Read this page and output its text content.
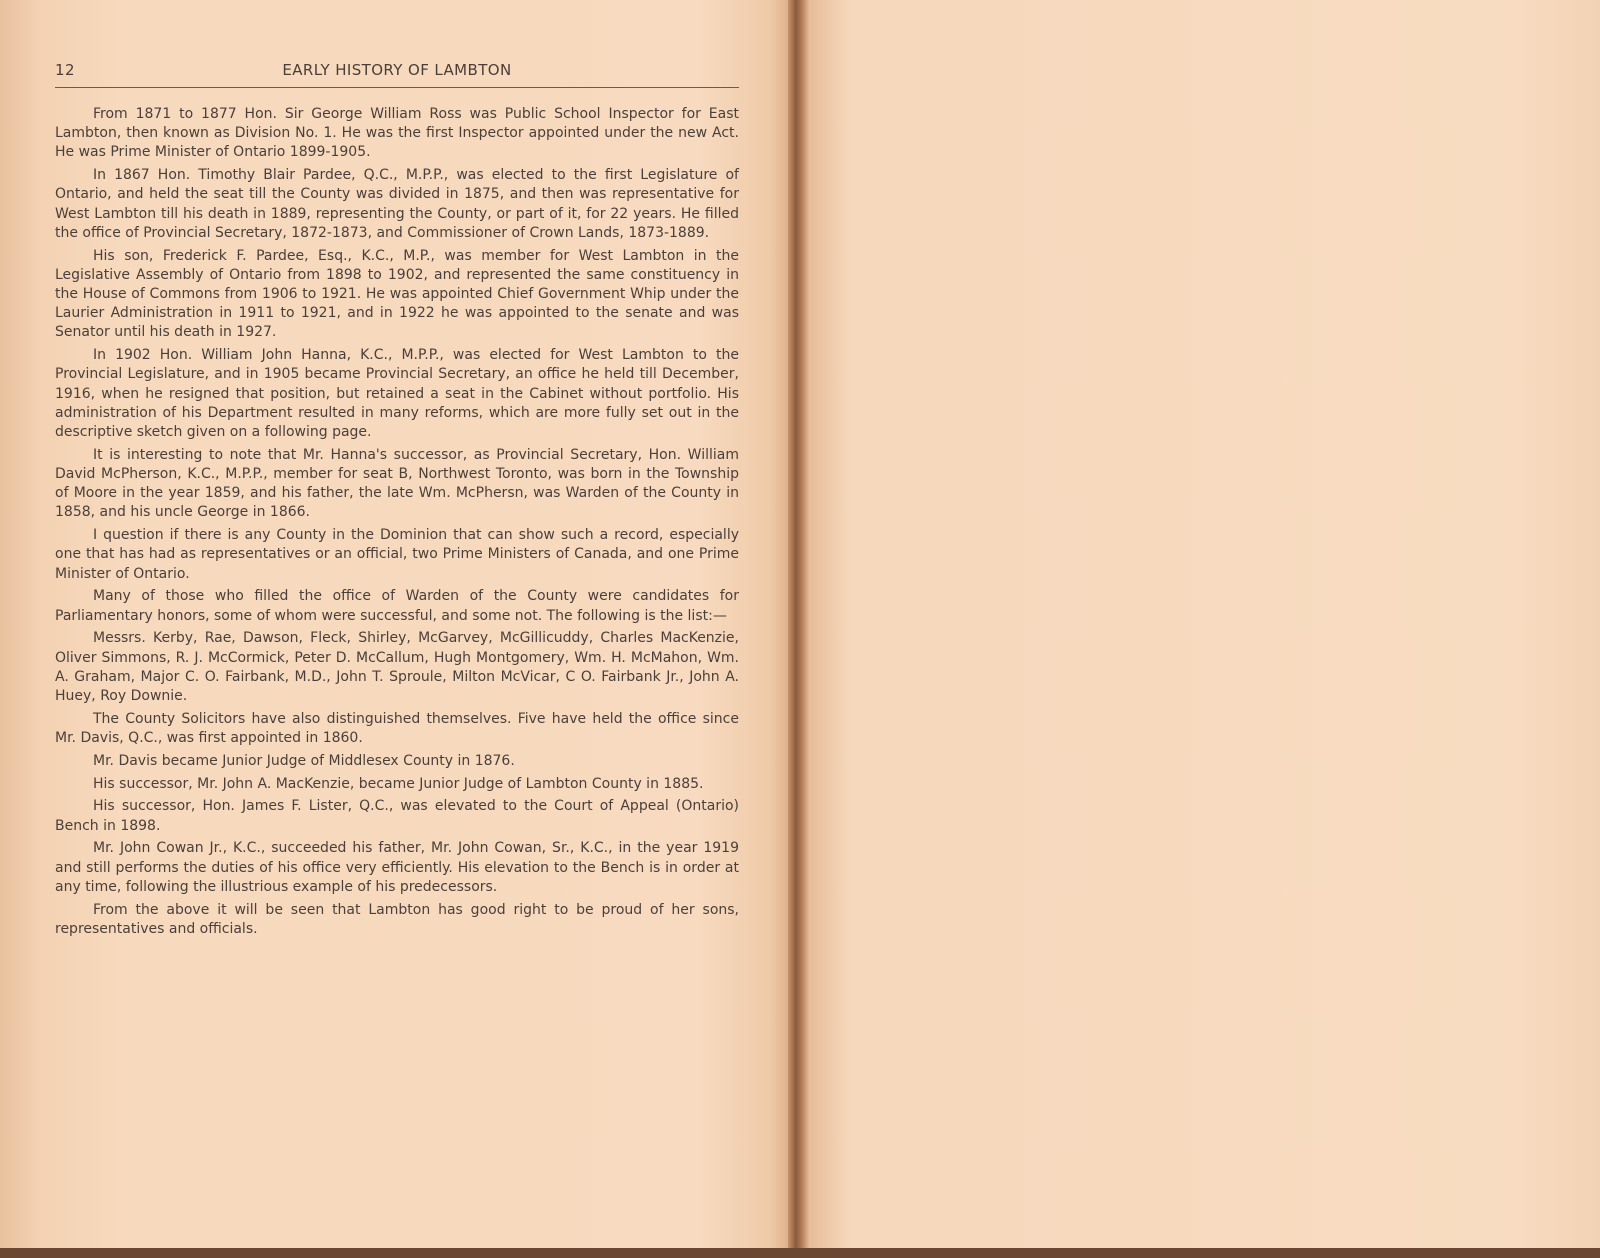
12	EARLY HISTORY OF LAMBTON

From 1871 to 1877 Hon. Sir George William Ross was Public School Inspector for East Lambton, then known as Division No. 1. He was the first Inspector appointed under the new Act. He was Prime Minister of Ontario 1899-1905.

In 1867 Hon. Timothy Blair Pardee, Q.C., M.P.P., was elected to the first Legislature of Ontario, and held the seat till the County was divided in 1875, and then was representative for West Lambton till his death in 1889, representing the County, or part of it, for 22 years. He filled the office of Provincial Secretary, 1872-1873, and Commissioner of Crown Lands, 1873-1889.

His son, Frederick F. Pardee, Esq., K.C., M.P., was member for West Lambton in the Legislative Assembly of Ontario from 1898 to 1902, and represented the same constituency in the House of Commons from 1906 to 1921. He was appointed Chief Government Whip under the Laurier Administration in 1911 to 1921, and in 1922 he was appointed to the senate and was Senator until his death in 1927.

In 1902 Hon. William John Hanna, K.C., M.P.P., was elected for West Lambton to the Provincial Legislature, and in 1905 became Provincial Secretary, an office he held till December, 1916, when he resigned that position, but retained a seat in the Cabinet without portfolio. His administration of his Department resulted in many reforms, which are more fully set out in the descriptive sketch given on a following page.

It is interesting to note that Mr. Hanna's successor, as Provincial Secretary, Hon. William David McPherson, K.C., M.P.P., member for seat B, Northwest Toronto, was born in the Township of Moore in the year 1859, and his father, the late Wm. McPhersn, was Warden of the County in 1858, and his uncle George in 1866.

I question if there is any County in the Dominion that can show such a record, especially one that has had as representatives or an official, two Prime Ministers of Canada, and one Prime Minister of Ontario.

Many of those who filled the office of Warden of the County were candidates for Parliamentary honors, some of whom were successful, and some not. The following is the list:—

Messrs. Kerby, Rae, Dawson, Fleck, Shirley, McGarvey, McGillicuddy, Charles MacKenzie, Oliver Simmons, R. J. McCormick, Peter D. McCallum, Hugh Montgomery, Wm. H. McMahon, Wm. A. Graham, Major C. O. Fairbank, M.D., John T. Sproule, Milton McVicar, C O. Fairbank Jr., John A. Huey, Roy Downie.

The County Solicitors have also distinguished themselves. Five have held the office since Mr. Davis, Q.C., was first appointed in 1860.

Mr. Davis became Junior Judge of Middlesex County in 1876.

His successor, Mr. John A. MacKenzie, became Junior Judge of Lambton County in 1885.

His successor, Hon. James F. Lister, Q.C., was elevated to the Court of Appeal (Ontario) Bench in 1898.

Mr. John Cowan Jr., K.C., succeeded his father, Mr. John Cowan, Sr., K.C., in the year 1919 and still performs the duties of his office very efficiently. His elevation to the Bench is in order at any time, following the illustrious example of his predecessors.

From the above it will be seen that Lambton has good right to be proud of her sons, representatives and officials.
